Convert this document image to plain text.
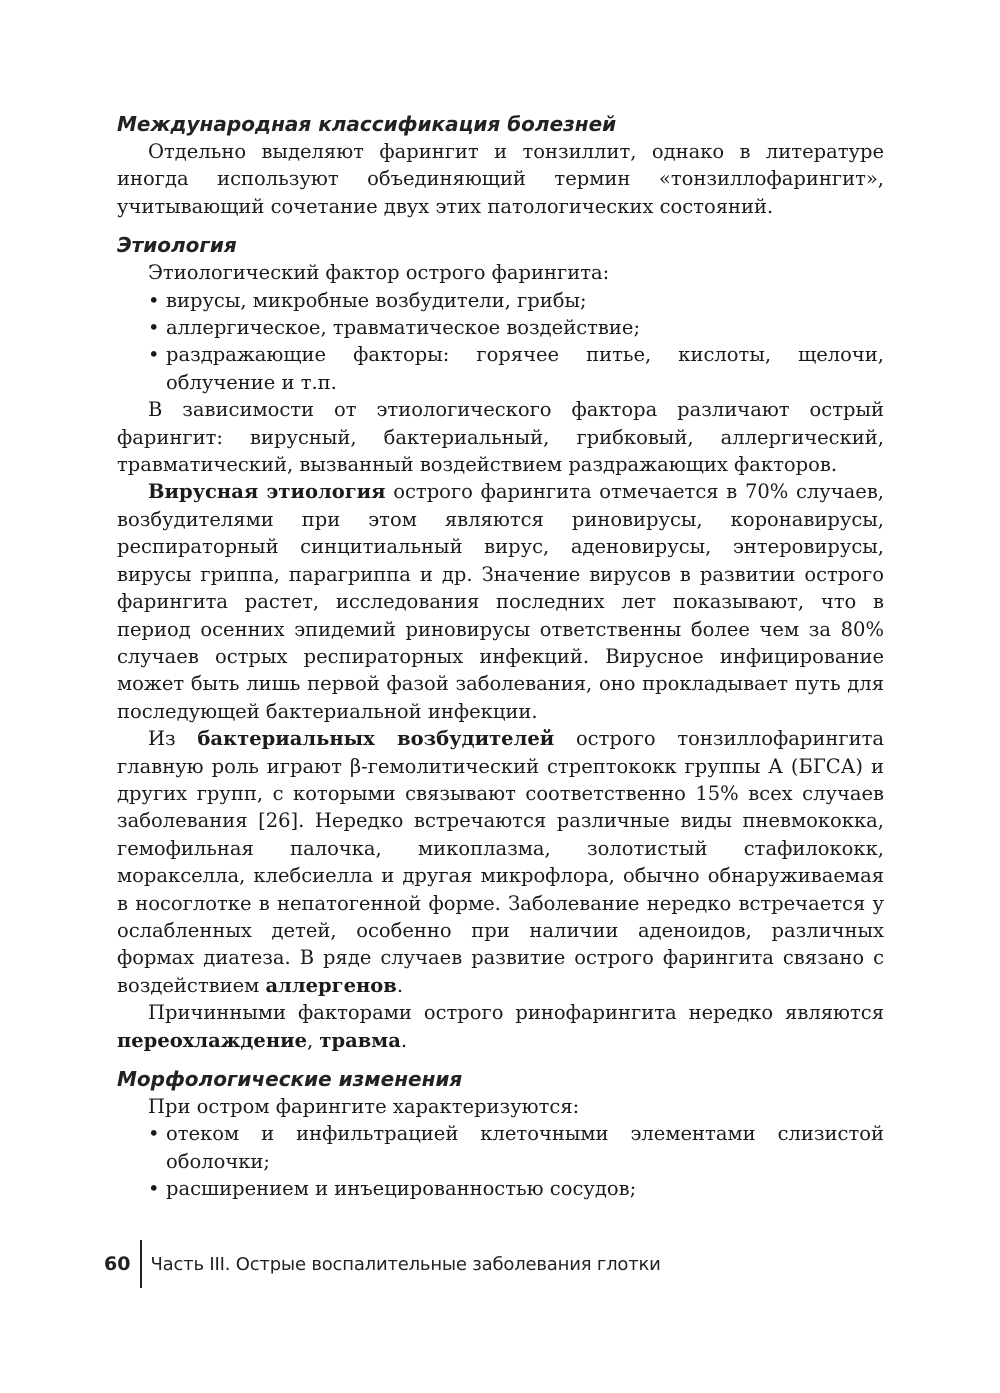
Международная классификация болезней

Отдельно выделяют фарингит и тонзиллит, однако в литературе иногда используют объединяющий термин «тонзиллофарингит», учитывающий сочетание двух этих патологических состояний.

Этиология

Этиологический фактор острого фарингита:

• вирусы, микробные возбудители, грибы;
• аллергическое, травматическое воздействие;
• раздражающие факторы: горячее питье, кислоты, щелочи, облучение и т.п.

В зависимости от этиологического фактора различают острый фарингит: вирусный, бактериальный, грибковый, аллергический, травматический, вызванный воздействием раздражающих факторов.

Вирусная этиология острого фарингита отмечается в 70% случаев, возбудителями при этом являются риновирусы, коронавирусы, респираторный синцитиальный вирус, аденовирусы, энтеровирусы, вирусы гриппа, парагриппа и др. Значение вирусов в развитии острого фарингита растет, исследования последних лет показывают, что в период осенних эпидемий риновирусы ответственны более чем за 80% случаев острых респираторных инфекций. Вирусное инфицирование может быть лишь первой фазой заболевания, оно прокладывает путь для последующей бактериальной инфекции.

Из бактериальных возбудителей острого тонзиллофарингита главную роль играют β-гемолитический стрептококк группы А (БГСА) и других групп, с которыми связывают соответственно 15% всех случаев заболевания [26]. Нередко встречаются различные виды пневмококка, гемофильная палочка, микоплазма, золотистый стафилококк, моракселла, клебсиелла и другая микрофлора, обычно обнаруживаемая в носоглотке в непатогенной форме. Заболевание нередко встречается у ослабленных детей, особенно при наличии аденоидов, различных формах диатеза. В ряде случаев развитие острого фарингита связано с воздействием аллергенов.

Причинными факторами острого ринофарингита нередко являются переохлаждение, травма.

Морфологические изменения

При остром фарингите характеризуются:

• отеком и инфильтрацией клеточными элементами слизистой оболочки;
• расширением и инъецированностью сосудов;
60	Часть III. Острые воспалительные заболевания глотки
